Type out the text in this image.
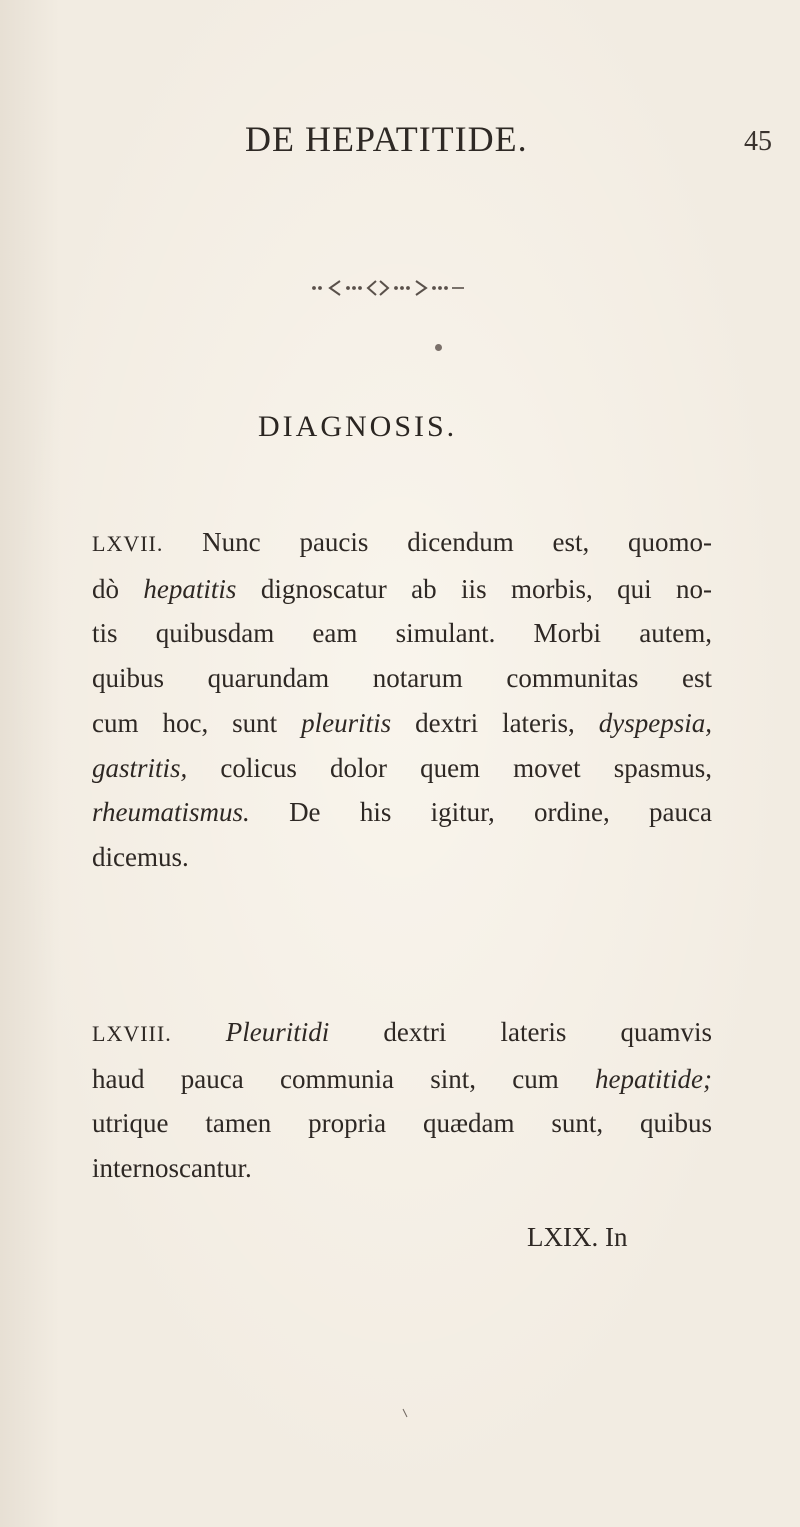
DE HEPATITIDE.	45
DIAGNOSIS.
LXVII. Nunc paucis dicendum est, quomo-
dò hepatitis dignoscatur ab iis morbis, qui no-
tis quibusdam eam simulant. Morbi autem,
quibus quarundam notarum communitas est
cum hoc, sunt pleuritis dextri lateris, dyspepsia,
gastritis, colicus dolor quem movet spasmus,
rheumatismus. De his igitur, ordine, pauca
dicemus.
LXVIII. Pleuritidi dextri lateris quamvis
haud pauca communia sint, cum hepatitide;
utrique tamen propria quædam sunt, quibus
internoscantur.
LXIX. In
